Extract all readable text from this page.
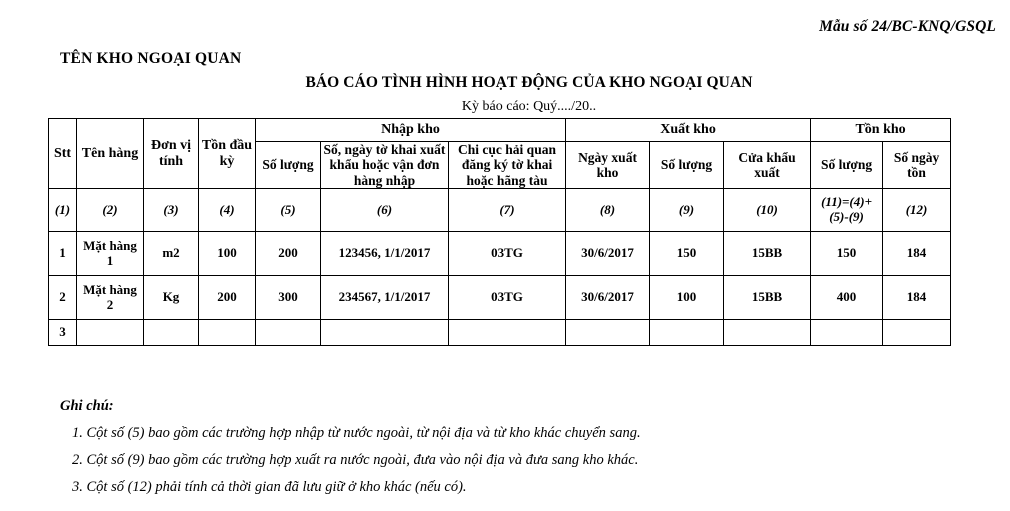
Mẫu số 24/BC-KNQ/GSQL
TÊN KHO NGOẠI QUAN
BÁO CÁO TÌNH HÌNH HOẠT ĐỘNG CỦA KHO NGOẠI QUAN
Kỳ báo cáo: Quý..../20..
Stt	Tên hàng	Đơn vị tính	Tồn đầu kỳ	Nhập kho			Xuất kho			Tồn kho	
				Số lượng	Số, ngày tờ khai xuất khẩu hoặc vận đơn hàng nhập	Chi cục hải quan đăng ký tờ khai hoặc hãng tàu	Ngày xuất kho	Số lượng	Cửa khẩu xuất	Số lượng	Số ngày tồn
(1)	(2)	(3)	(4)	(5)	(6)	(7)	(8)	(9)	(10)	(11)=(4)+(5)-(9)	(12)
1	Mặt hàng 1	m2	100	200	123456, 1/1/2017	03TG	30/6/2017	150	15BB	150	184
2	Mặt hàng 2	Kg	200	300	234567, 1/1/2017	03TG	30/6/2017	100	15BB	400	184
3											
Ghi chú:
1. Cột số (5) bao gồm các trường hợp nhập từ nước ngoài, từ nội địa và từ kho khác chuyển sang.
2. Cột số (9) bao gồm các trường hợp xuất ra nước ngoài, đưa vào nội địa và đưa sang kho khác.
3. Cột số (12) phải tính cả thời gian đã lưu giữ ở kho khác (nếu có).
